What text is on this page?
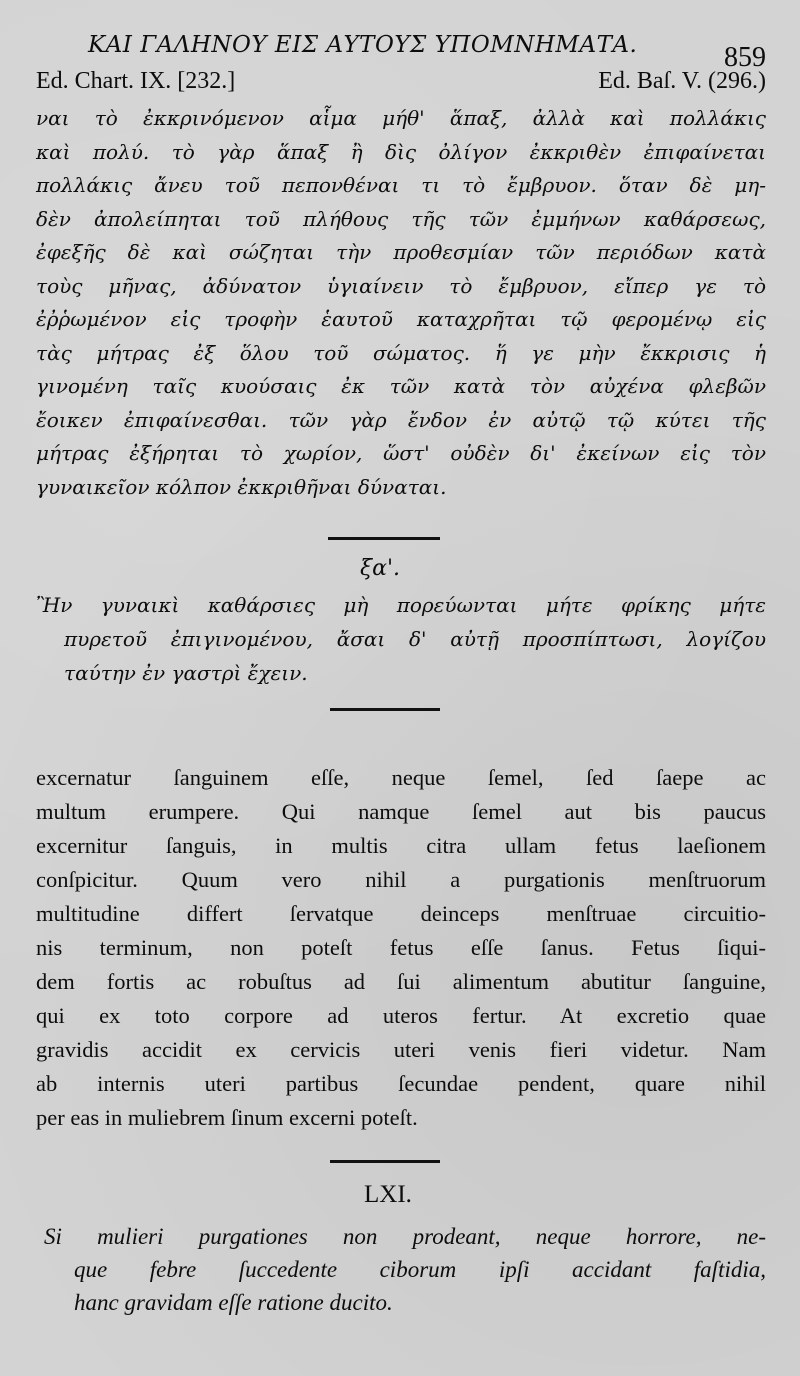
ΚΑΙ ΓΑΛΗΝΟΥ ΕΙΣ ΑΥΤΟΥΣ ΥΠΟΜΝΗΜΑΤΑ.	859
Ed. Chart. IX. [232.]	Ed. Baſ. V. (296.)
ναι τὸ ἐκκρινόμενον αἷμα μήθ' ἅπαξ, ἀλλὰ καὶ πολλάκις
καὶ πολύ. τὸ γὰρ ἅπαξ ἢ δὶς ὀλίγον ἐκκριθὲν ἐπιφαίνεται
πολλάκις ἄνευ τοῦ πεπονθέναι τι τὸ ἔμβρυον. ὅταν δὲ μη-
δὲν ἀπολείπηται τοῦ πλήθους τῆς τῶν ἐμμήνων καθάρσεως,
ἐφεξῆς δὲ καὶ σώζηται τὴν προθεσμίαν τῶν περιόδων κατὰ
τοὺς μῆνας, ἀδύνατον ὑγιαίνειν τὸ ἔμβρυον, εἴπερ γε τὸ
ἐῤῥωμένον εἰς τροφὴν ἑαυτοῦ καταχρῆται τῷ φερομένῳ εἰς
τὰς μήτρας ἐξ ὅλου τοῦ σώματος. ἥ γε μὴν ἔκκρισις ἡ
γινομένη ταῖς κυούσαις ἐκ τῶν κατὰ τὸν αὐχένα φλεβῶν
ἔοικεν ἐπιφαίνεσθαι. τῶν γὰρ ἔνδον ἐν αὐτῷ τῷ κύτει τῆς
μήτρας ἐξήρηται τὸ χωρίον, ὥστ' οὐδὲν δι' ἐκείνων εἰς τὸν
γυναικεῖον κόλπον ἐκκριθῆναι δύναται.
ξα'.
Ἢν γυναικὶ καθάρσιες μὴ πορεύωνται μήτε φρίκης μήτε
πυρετοῦ ἐπιγινομένου, ἄσαι δ' αὐτῇ προσπίπτωσι, λογίζου
ταύτην ἐν γαστρὶ ἔχειν.
excernatur ſanguinem eſſe, neque ſemel, ſed ſaepe ac
multum erumpere. Qui namque ſemel aut bis paucus
excernitur ſanguis, in multis citra ullam fetus laeſionem
conſpicitur. Quum vero nihil a purgationis menſtruorum
multitudine differt ſervatque deinceps menſtruae circuitio-
nis terminum, non poteſt fetus eſſe ſanus. Fetus ſiqui-
dem fortis ac robuſtus ad ſui alimentum abutitur ſanguine,
qui ex toto corpore ad uteros fertur. At excretio quae
gravidis accidit ex cervicis uteri venis fieri videtur. Nam
ab internis uteri partibus ſecundae pendent, quare nihil
per eas in muliebrem ſinum excerni poteſt.
LXI.
Si mulieri purgationes non prodeant, neque horrore, ne-
que febre ſuccedente ciborum ipſi accidant faſtidia,
hanc gravidam eſſe ratione ducito.
